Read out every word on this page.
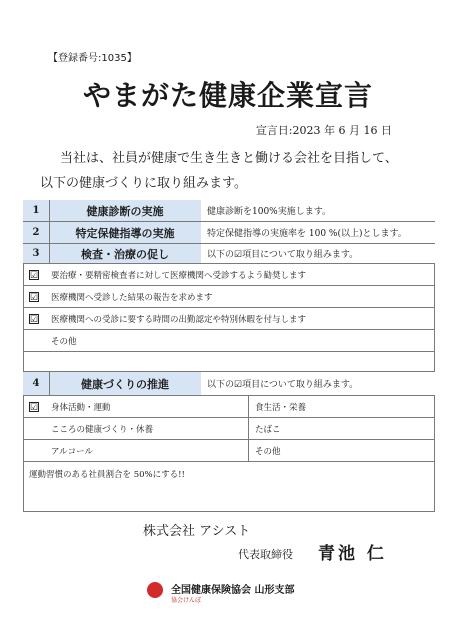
【登録番号:1035】
やまがた健康企業宣言
宣言日:2023 年 6 月 16 日
当社は、社員が健康で生き生きと働ける会社を目指して、
以下の健康づくりに取り組みます。
1	健康診断の実施	健康診断を100%実施します。
2	特定保健指導の実施	特定保健指導の実施率を 100 %(以上)とします。
3	検査・治療の促し	以下の☑項目について取り組みます。
☑ 要治療・要精密検査者に対して医療機関へ受診するよう勧奨します
☑ 医療機関へ受診した結果の報告を求めます
☑ 医療機関への受診に要する時間の出勤認定や特別休暇を付与します
その他
4	健康づくりの推進	以下の☑項目について取り組みます。
☑ 身体活動・運動	食生活・栄養
こころの健康づくり・休養	たばこ
アルコール	その他
運動習慣のある社員割合を 50%にする!!
株式会社 アシスト
代表取締役 青池 仁
全国健康保険協会 山形支部
協会けんぽ
